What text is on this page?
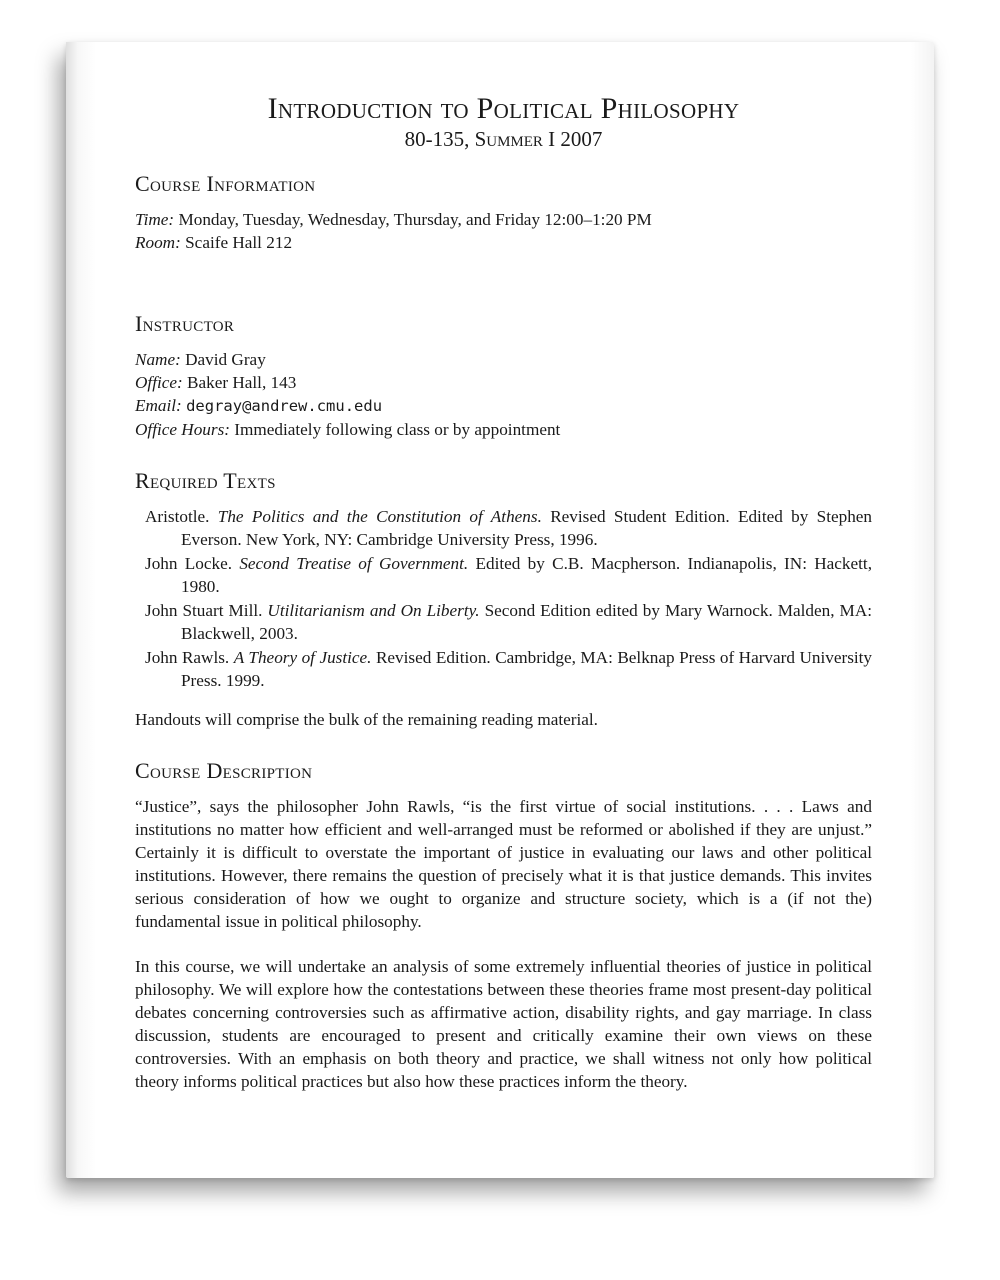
Introduction to Political Philosophy
80-135, Summer I 2007
Course Information
Time: Monday, Tuesday, Wednesday, Thursday, and Friday 12:00–1:20 PM
Room: Scaife Hall 212
Instructor
Name: David Gray
Office: Baker Hall, 143
Email: degray@andrew.cmu.edu
Office Hours: Immediately following class or by appointment
Required Texts
Aristotle. The Politics and the Constitution of Athens. Revised Student Edition. Edited by Stephen Everson. New York, NY: Cambridge University Press, 1996.
John Locke. Second Treatise of Government. Edited by C.B. Macpherson. Indianapolis, IN: Hackett, 1980.
John Stuart Mill. Utilitarianism and On Liberty. Second Edition edited by Mary Warnock. Malden, MA: Blackwell, 2003.
John Rawls. A Theory of Justice. Revised Edition. Cambridge, MA: Belknap Press of Harvard University Press. 1999.
Handouts will comprise the bulk of the remaining reading material.
Course Description

“Justice”, says the philosopher John Rawls, “is the first virtue of social institutions. . . . Laws and institutions no matter how efficient and well-arranged must be reformed or abolished if they are unjust.” Certainly it is difficult to overstate the important of justice in evaluating our laws and other political institutions. However, there remains the question of precisely what it is that justice demands. This invites serious consideration of how we ought to organize and structure society, which is a (if not the) fundamental issue in political philosophy.

In this course, we will undertake an analysis of some extremely influential theories of justice in political philosophy. We will explore how the contestations between these theories frame most present-day political debates concerning controversies such as affirmative action, disability rights, and gay marriage. In class discussion, students are encouraged to present and critically examine their own views on these controversies. With an emphasis on both theory and practice, we shall witness not only how political theory informs political practices but also how these practices inform the theory.
